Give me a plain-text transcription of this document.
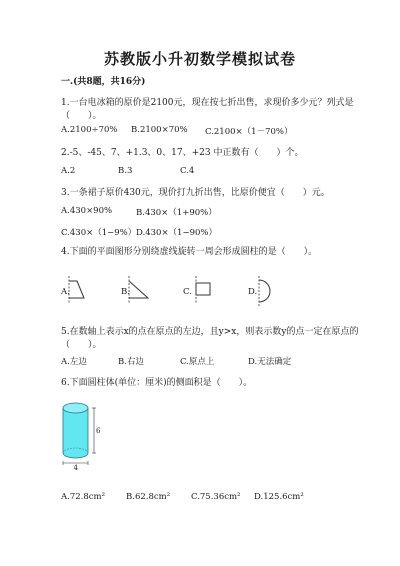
苏教版小升初数学模拟试卷
一.(共8题，共16分)
1.一台电冰箱的原价是2100元，现在按七折出售，求现价多少元？列式是
（　　）。
A.2100÷70% B.2100×70% C.2100×（1－70%）
2.-5、-45、7、+1.3、0、17、+23 中正数有（　　）个。
A.2	B.3	C.4
3.一条裙子原价430元，现价打九折出售，比原价便宜（　　）元。
A.430×90%	B.430×（1+90%）
C.430×（1−9%） D.430×（1−90%）
4.下面的平面图形分别绕虚线旋转一周会形成圆柱的是（　　）。
A.	B.	C.	D.
5.在数轴上表示x的点在原点的左边，且y>x，则表示数y的点一定在原点的
（　　）。
A.左边	B.右边	C.原点上	D.无法确定
6.下面圆柱体(单位：厘米)的侧面积是（　　）。
6
4
A.72.8cm² B.62.8cm² C.75.36cm² D.125.6cm²
